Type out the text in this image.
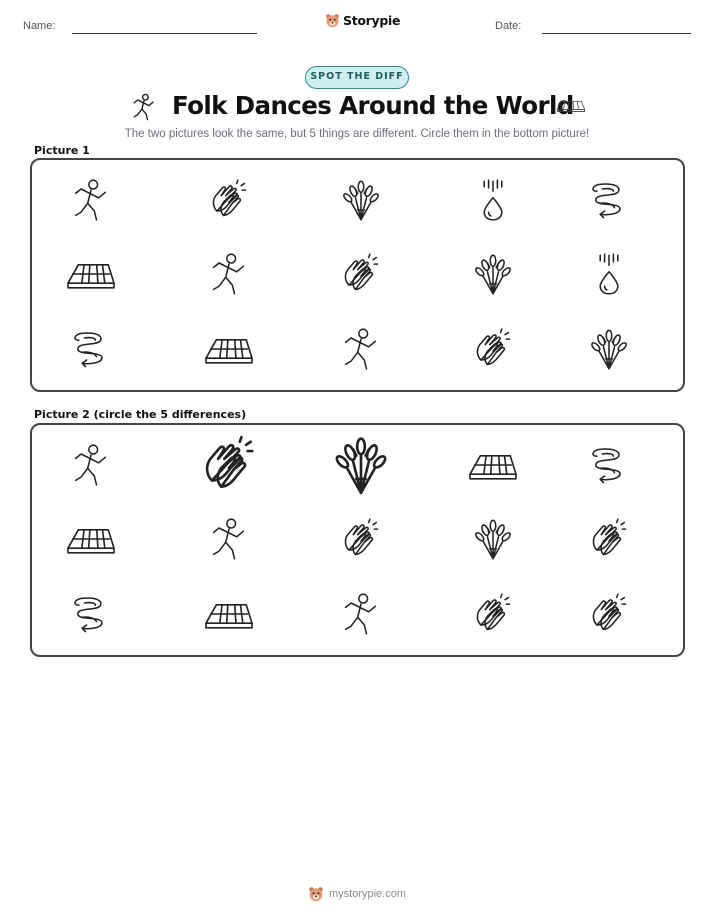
Name:	Storypie	Date:
SPOT THE DIFF
Folk Dances Around the World
The two pictures look the same, but 5 things are different. Circle them in the bottom picture!
Picture 1
Picture 2 (circle the 5 differences)
mystorypie.com
